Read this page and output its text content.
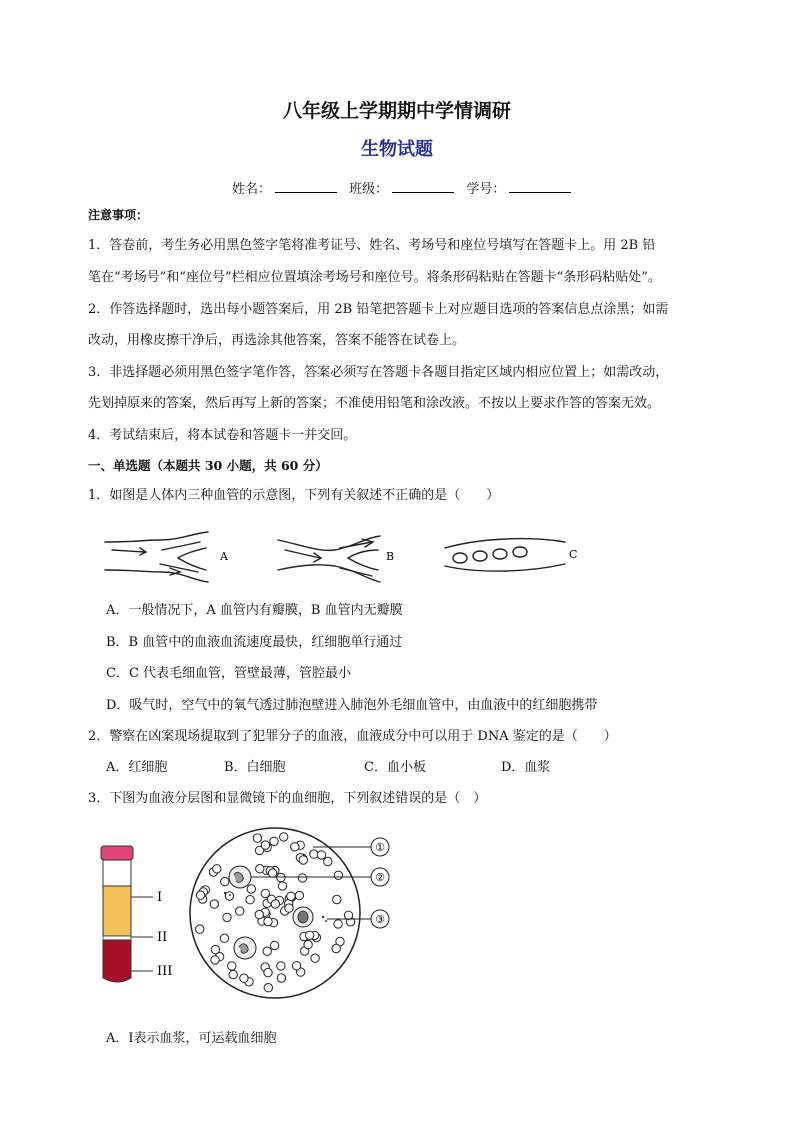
八年级上学期期中学情调研
生物试题
姓名：	班级：	学号：
注意事项：
1．答卷前，考生务必用黑色签字笔将准考证号、姓名、考场号和座位号填写在答题卡上。用 2B 铅
笔在“考场号”和“座位号”栏相应位置填涂考场号和座位号。将条形码粘贴在答题卡“条形码粘贴处”。
2．作答选择题时，选出每小题答案后，用 2B 铅笔把答题卡上对应题目选项的答案信息点涂黑；如需
改动，用橡皮擦干净后，再选涂其他答案，答案不能答在试卷上。
3．非选择题必须用黑色签字笔作答，答案必须写在答题卡各题目指定区域内相应位置上；如需改动，
先划掉原来的答案，然后再写上新的答案；不准使用铅笔和涂改液。不按以上要求作答的答案无效。
4．考试结束后，将本试卷和答题卡一并交回。
一、单选题（本题共 30 小题，共 60 分）
1．如图是人体内三种血管的示意图，下列有关叙述不正确的是（　　）
A	B	C
A．一般情况下，A 血管内有瓣膜，B 血管内无瓣膜
B．B 血管中的血液血流速度最快，红细胞单行通过
C．C 代表毛细血管，管壁最薄，管腔最小
D．吸气时，空气中的氧气透过肺泡壁进入肺泡外毛细血管中，由血液中的红细胞携带
2．警察在凶案现场提取到了犯罪分子的血液，血液成分中可以用于 DNA 鉴定的是（　　）
A．红细胞	B．白细胞	C．血小板	D．血浆
3．下图为血液分层图和显微镜下的血细胞，下列叙述错误的是（　）
I
II
III
①
②
③
A．Ⅰ表示血浆，可运载血细胞
